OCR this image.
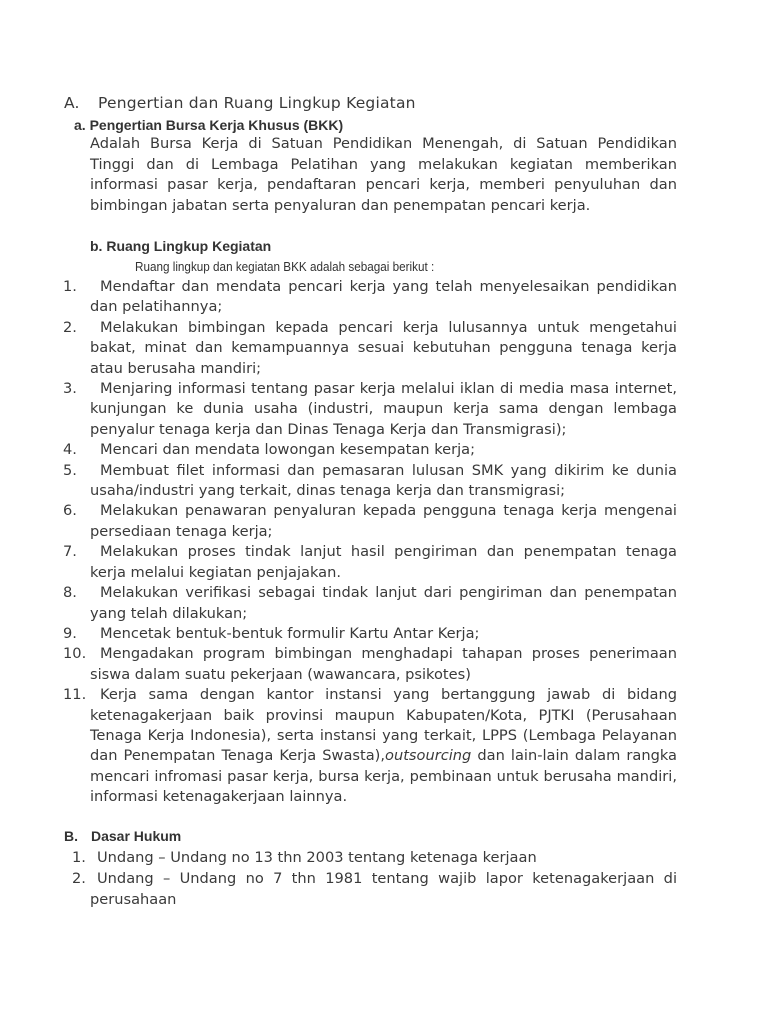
A. Pengertian dan Ruang Lingkup Kegiatan
a. Pengertian Bursa Kerja Khusus (BKK)
Adalah Bursa Kerja di Satuan Pendidikan Menengah, di Satuan Pendidikan Tinggi dan di Lembaga Pelatihan yang melakukan kegiatan memberikan informasi pasar kerja, pendaftaran pencari kerja, memberi penyuluhan dan bimbingan jabatan serta penyaluran dan penempatan pencari kerja.
b. Ruang Lingkup Kegiatan
Ruang lingkup dan kegiatan BKK adalah sebagai berikut :
1.	Mendaftar dan mendata pencari kerja yang telah menyelesaikan pendidikan dan pelatihannya;
2.	Melakukan bimbingan kepada pencari kerja lulusannya untuk mengetahui bakat, minat dan kemampuannya sesuai kebutuhan pengguna tenaga kerja atau berusaha mandiri;
3.	Menjaring informasi tentang pasar kerja melalui iklan di media masa internet, kunjungan ke dunia usaha (industri, maupun kerja sama dengan lembaga penyalur tenaga kerja dan Dinas Tenaga Kerja dan Transmigrasi);
4.	Mencari dan mendata lowongan kesempatan kerja;
5.	Membuat filet informasi dan pemasaran lulusan SMK yang dikirim ke dunia usaha/industri yang terkait, dinas tenaga kerja dan transmigrasi;
6.	Melakukan penawaran penyaluran kepada pengguna tenaga kerja mengenai persediaan tenaga kerja;
7.	Melakukan proses tindak lanjut hasil pengiriman dan penempatan tenaga kerja melalui kegiatan penjajakan.
8.	Melakukan verifikasi sebagai tindak lanjut dari pengiriman dan penempatan yang telah dilakukan;
9.	Mencetak bentuk-bentuk formulir Kartu Antar Kerja;
10. Mengadakan program bimbingan menghadapi tahapan proses penerimaan siswa dalam suatu pekerjaan (wawancara, psikotes)
11. Kerja sama dengan kantor instansi yang bertanggung jawab di bidang ketenagakerjaan baik provinsi maupun Kabupaten/Kota, PJTKI (Perusahaan Tenaga Kerja Indonesia), serta instansi yang terkait, LPPS (Lembaga Pelayanan dan Penempatan Tenaga Kerja Swasta),outsourcing dan lain-lain dalam rangka mencari infromasi pasar kerja, bursa kerja, pembinaan untuk berusaha mandiri, informasi ketenagakerjaan lainnya.
B. Dasar Hukum
1. Undang – Undang no 13 thn 2003 tentang ketenaga kerjaan
2. Undang – Undang no 7 thn 1981 tentang wajib lapor ketenagakerjaan di perusahaan
